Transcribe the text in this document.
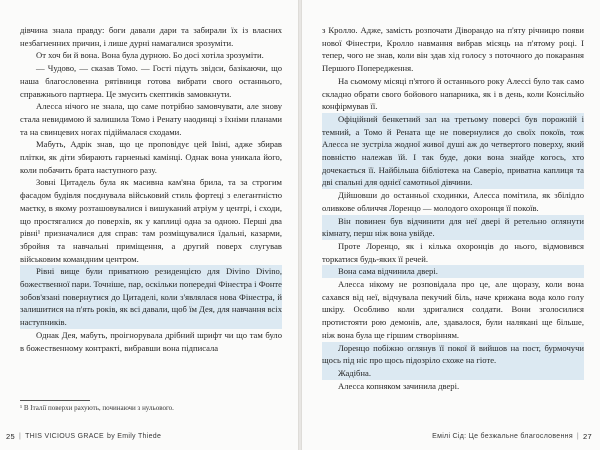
дівчина знала правду: боги давали дари та забирали їх із власних незбагненних причин, і лише дурні намагалися зрозуміти.

От хоч би й вона. Вона була дурною. Бо досі хотіла зрозуміти.

— Чудово, — сказав Томо. — Гості підуть звідси, базікаючи, що наша благословенна рятівниця готова вибрати свого останнього, справжнього партнера. Це змусить скептиків замовкнути.

Алесса нічого не знала, що саме потрібно замовчувати, але знову стала невидимою й залишила Томо і Ренату наодинці з їхніми планами та на свинцевих ногах підіймалася сходами.

Мабуть, Адрік знав, що це проповідує цей Івіні, адже збирав плітки, як діти збирають гарненькі камінці. Однак вона уникала його, коли побачить брата наступного разу.

Зовні Цитадель була як масивна кам'яна брила, та за строгим фасадом будівля поєднувала військовий стиль фортеці з елегантністю маєтку, в якому розташовувалися і вишуканий атріум у центрі, і сходи, що простягалися до поверхів, як у каплиці одна за одною. Перші два рівні¹ призначалися для справ: там розміщувалися їдальні, казарми, збройня та навчальні приміщення, а другий поверх слугував військовим командним центром.

Рівні вище були приватною резиденцією для Divino Divino, божественної пари. Точніше, пар, оскільки попередні Фінестра і Фонте зобов'язані повернутися до Цитаделі, коли з'являлася нова Фінестра, й залишитися на п'ять років, як всі давали, щоб їм Дея, для навчання всіх наступників.

Однак Дея, мабуть, проігнорувала дрібний шрифт чи що там було в божественному контракті, вибравши вона підписала

¹ В Італії поверхи рахують, починаючи з нульового.
25 | THIS VICIOUS GRACE by Emily Thiede

з Кролло. Адже, замість розпочати Діворандо на п'яту річницю появи нової Фінестри, Кролло навмання вибрав місяць на п'ятому році. І тепер, чого не знав, коли він здав хід голосу з поточного до покарання Першого Попередження.

На сьомому місяці п'ятого й останнього року Алессі було так само складно обрати свого бойового напарника, як і в день, коли Консільйо конфірмував її.

Офіційний бенкетний зал на третьому поверсі був порожній і темний, а Томо й Рената ще не повернулися до своїх покоїв, тож Алесса не зустріла жодної живої душі аж до четвертого поверху, який повністю належав їй. І так буде, доки вона знайде когось, хто дочекається її. Найбільша бібліотека на Саверіо, приватна каплиця та дві спальні для однієї самотньої дівчини.

Дійшовши до останньої сходинки, Алесса помітила, як збілідло оливкове обличчя Лоренцо — молодого охоронця її покоїв.

Він повинен був відчинити для неї двері й ретельно оглянути кімнату, перш ніж вона увійде.

Проте Лоренцо, як і кілька охоронців до нього, відмовився торкатися будь-яких її речей.

Вона сама відчинила двері.

Алесса нікому не розповідала про це, але щоразу, коли вона сахався від неї, відчувала пекучий біль, наче крижана вода коло голу шкіру. Особливо коли здригалися солдати. Вони зголосилися протистояти рою демонів, але, здавалося, були налякані ще більше, ніж вона була ще гіршим створінням.

Лоренцо побіжно оглянув її покої й вийшов на пост, бурмочучи щось під ніс про щось підозріло схоже на гіоте.

Жадібна.

Алесса копняком зачинила двері.

Емілі Сід: Це безжальне благословення | 27
